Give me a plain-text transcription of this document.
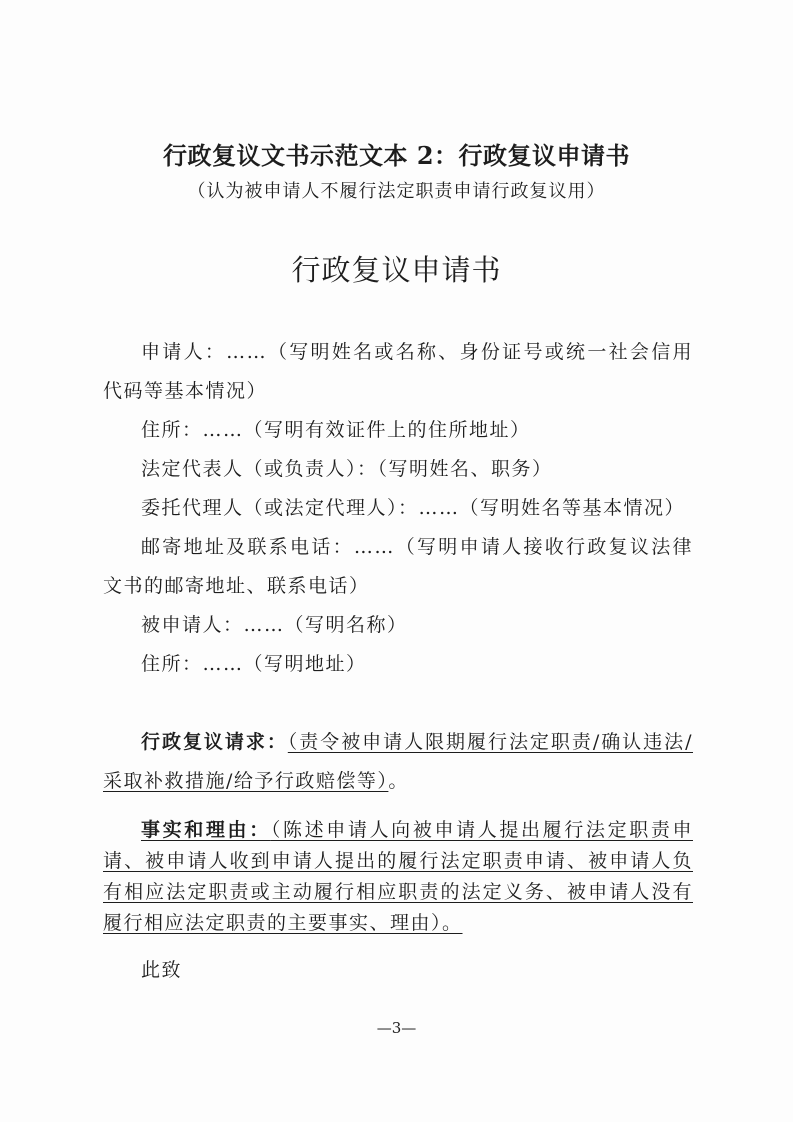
行政复议文书示范文本 2：行政复议申请书
（认为被申请人不履行法定职责申请行政复议用）
行政复议申请书

申请人：……（写明姓名或名称、身份证号或统一社会信用代码等基本情况）

住所：……（写明有效证件上的住所地址）

法定代表人（或负责人）：（写明姓名、职务）

委托代理人（或法定代理人）：……（写明姓名等基本情况）

邮寄地址及联系电话：……（写明申请人接收行政复议法律文书的邮寄地址、联系电话）

被申请人：……（写明名称）

住所：……（写明地址）

行政复议请求：（责令被申请人限期履行法定职责/确认违法/采取补救措施/给予行政赔偿等）。

事实和理由：（陈述申请人向被申请人提出履行法定职责申请、被申请人收到申请人提出的履行法定职责申请、被申请人负有相应法定职责或主动履行相应职责的法定义务、被申请人没有履行相应法定职责的主要事实、理由）。

此致

—3—
